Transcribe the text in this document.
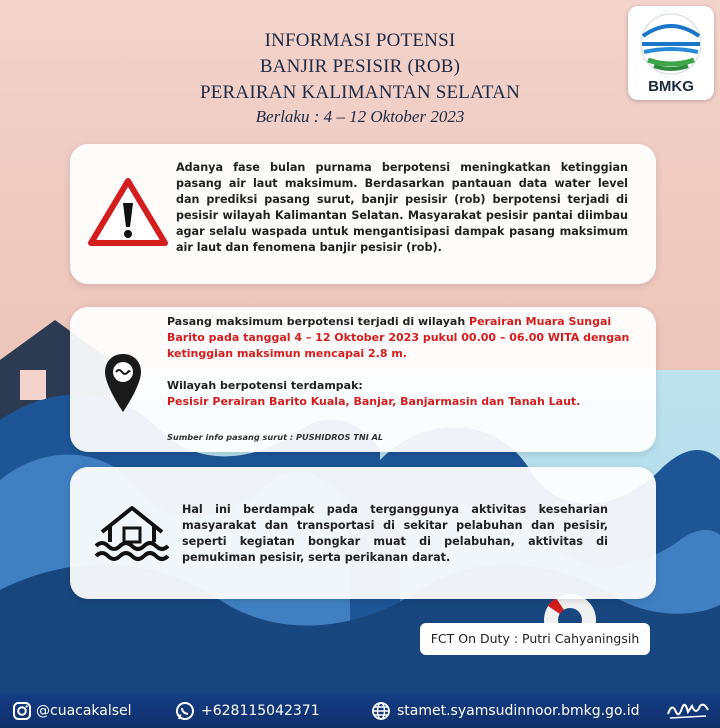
BMKG
INFORMASI POTENSI
BANJIR PESISIR (ROB)
PERAIRAN KALIMANTAN SELATAN
Berlaku : 4 – 12 Oktober 2023
Adanya fase bulan purnama berpotensi meningkatkan ketinggian pasang air laut maksimum. Berdasarkan pantauan data water level dan prediksi pasang surut, banjir pesisir (rob) berpotensi terjadi di pesisir wilayah Kalimantan Selatan. Masyarakat pesisir pantai diimbau agar selalu waspada untuk mengantisipasi dampak pasang maksimum air laut dan fenomena banjir pesisir (rob).
Pasang maksimum berpotensi terjadi di wilayah Perairan Muara Sungai Barito pada tanggal 4 – 12 Oktober 2023 pukul 00.00 – 06.00 WITA dengan ketinggian maksimun mencapai 2.8 m.
Wilayah berpotensi terdampak:
Pesisir Perairan Barito Kuala, Banjar, Banjarmasin dan Tanah Laut.
Sumber info pasang surut : PUSHIDROS TNI AL
Hal ini berdampak pada terganggunya aktivitas keseharian masyarakat dan transportasi di sekitar pelabuhan dan pesisir, seperti kegiatan bongkar muat di pelabuhan, aktivitas di pemukiman pesisir, serta perikanan darat.
FCT On Duty : Putri Cahyaningsih
@cuacakalsel	+628115042371	stamet.syamsudinnoor.bmkg.go.id
